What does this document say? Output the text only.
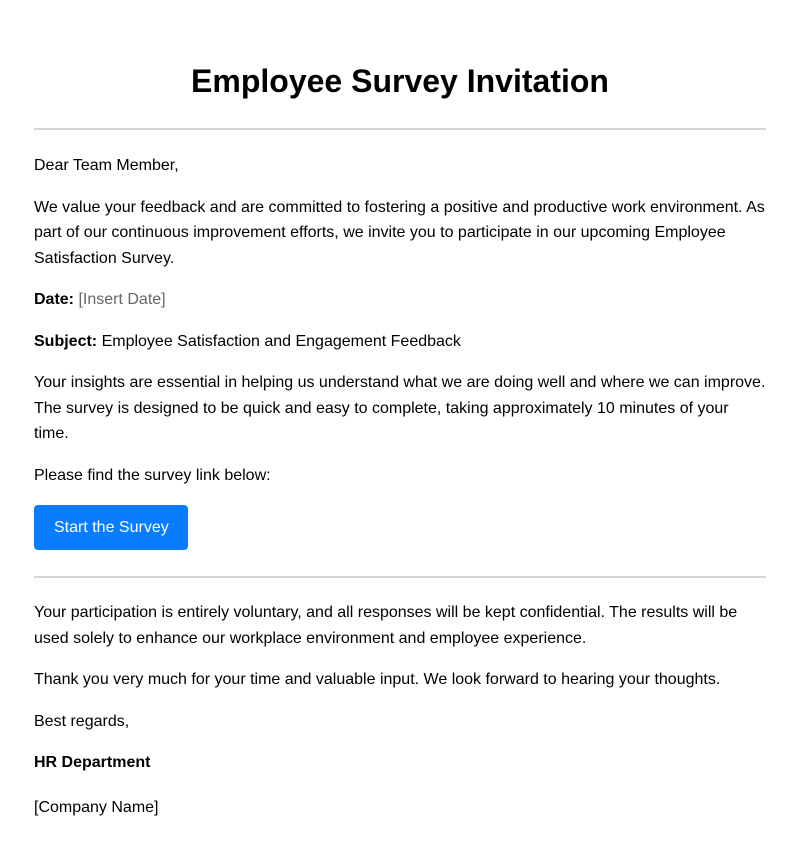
Employee Survey Invitation

Dear Team Member,

We value your feedback and are committed to fostering a positive and productive work environment. As part of our continuous improvement efforts, we invite you to participate in our upcoming Employee Satisfaction Survey.

Date: [Insert Date]

Subject: Employee Satisfaction and Engagement Feedback

Your insights are essential in helping us understand what we are doing well and where we can improve. The survey is designed to be quick and easy to complete, taking approximately 10 minutes of your time.

Please find the survey link below:

Start the Survey

Your participation is entirely voluntary, and all responses will be kept confidential. The results will be used solely to enhance our workplace environment and employee experience.

Thank you very much for your time and valuable input. We look forward to hearing your thoughts.

Best regards,

HR Department

[Company Name]
